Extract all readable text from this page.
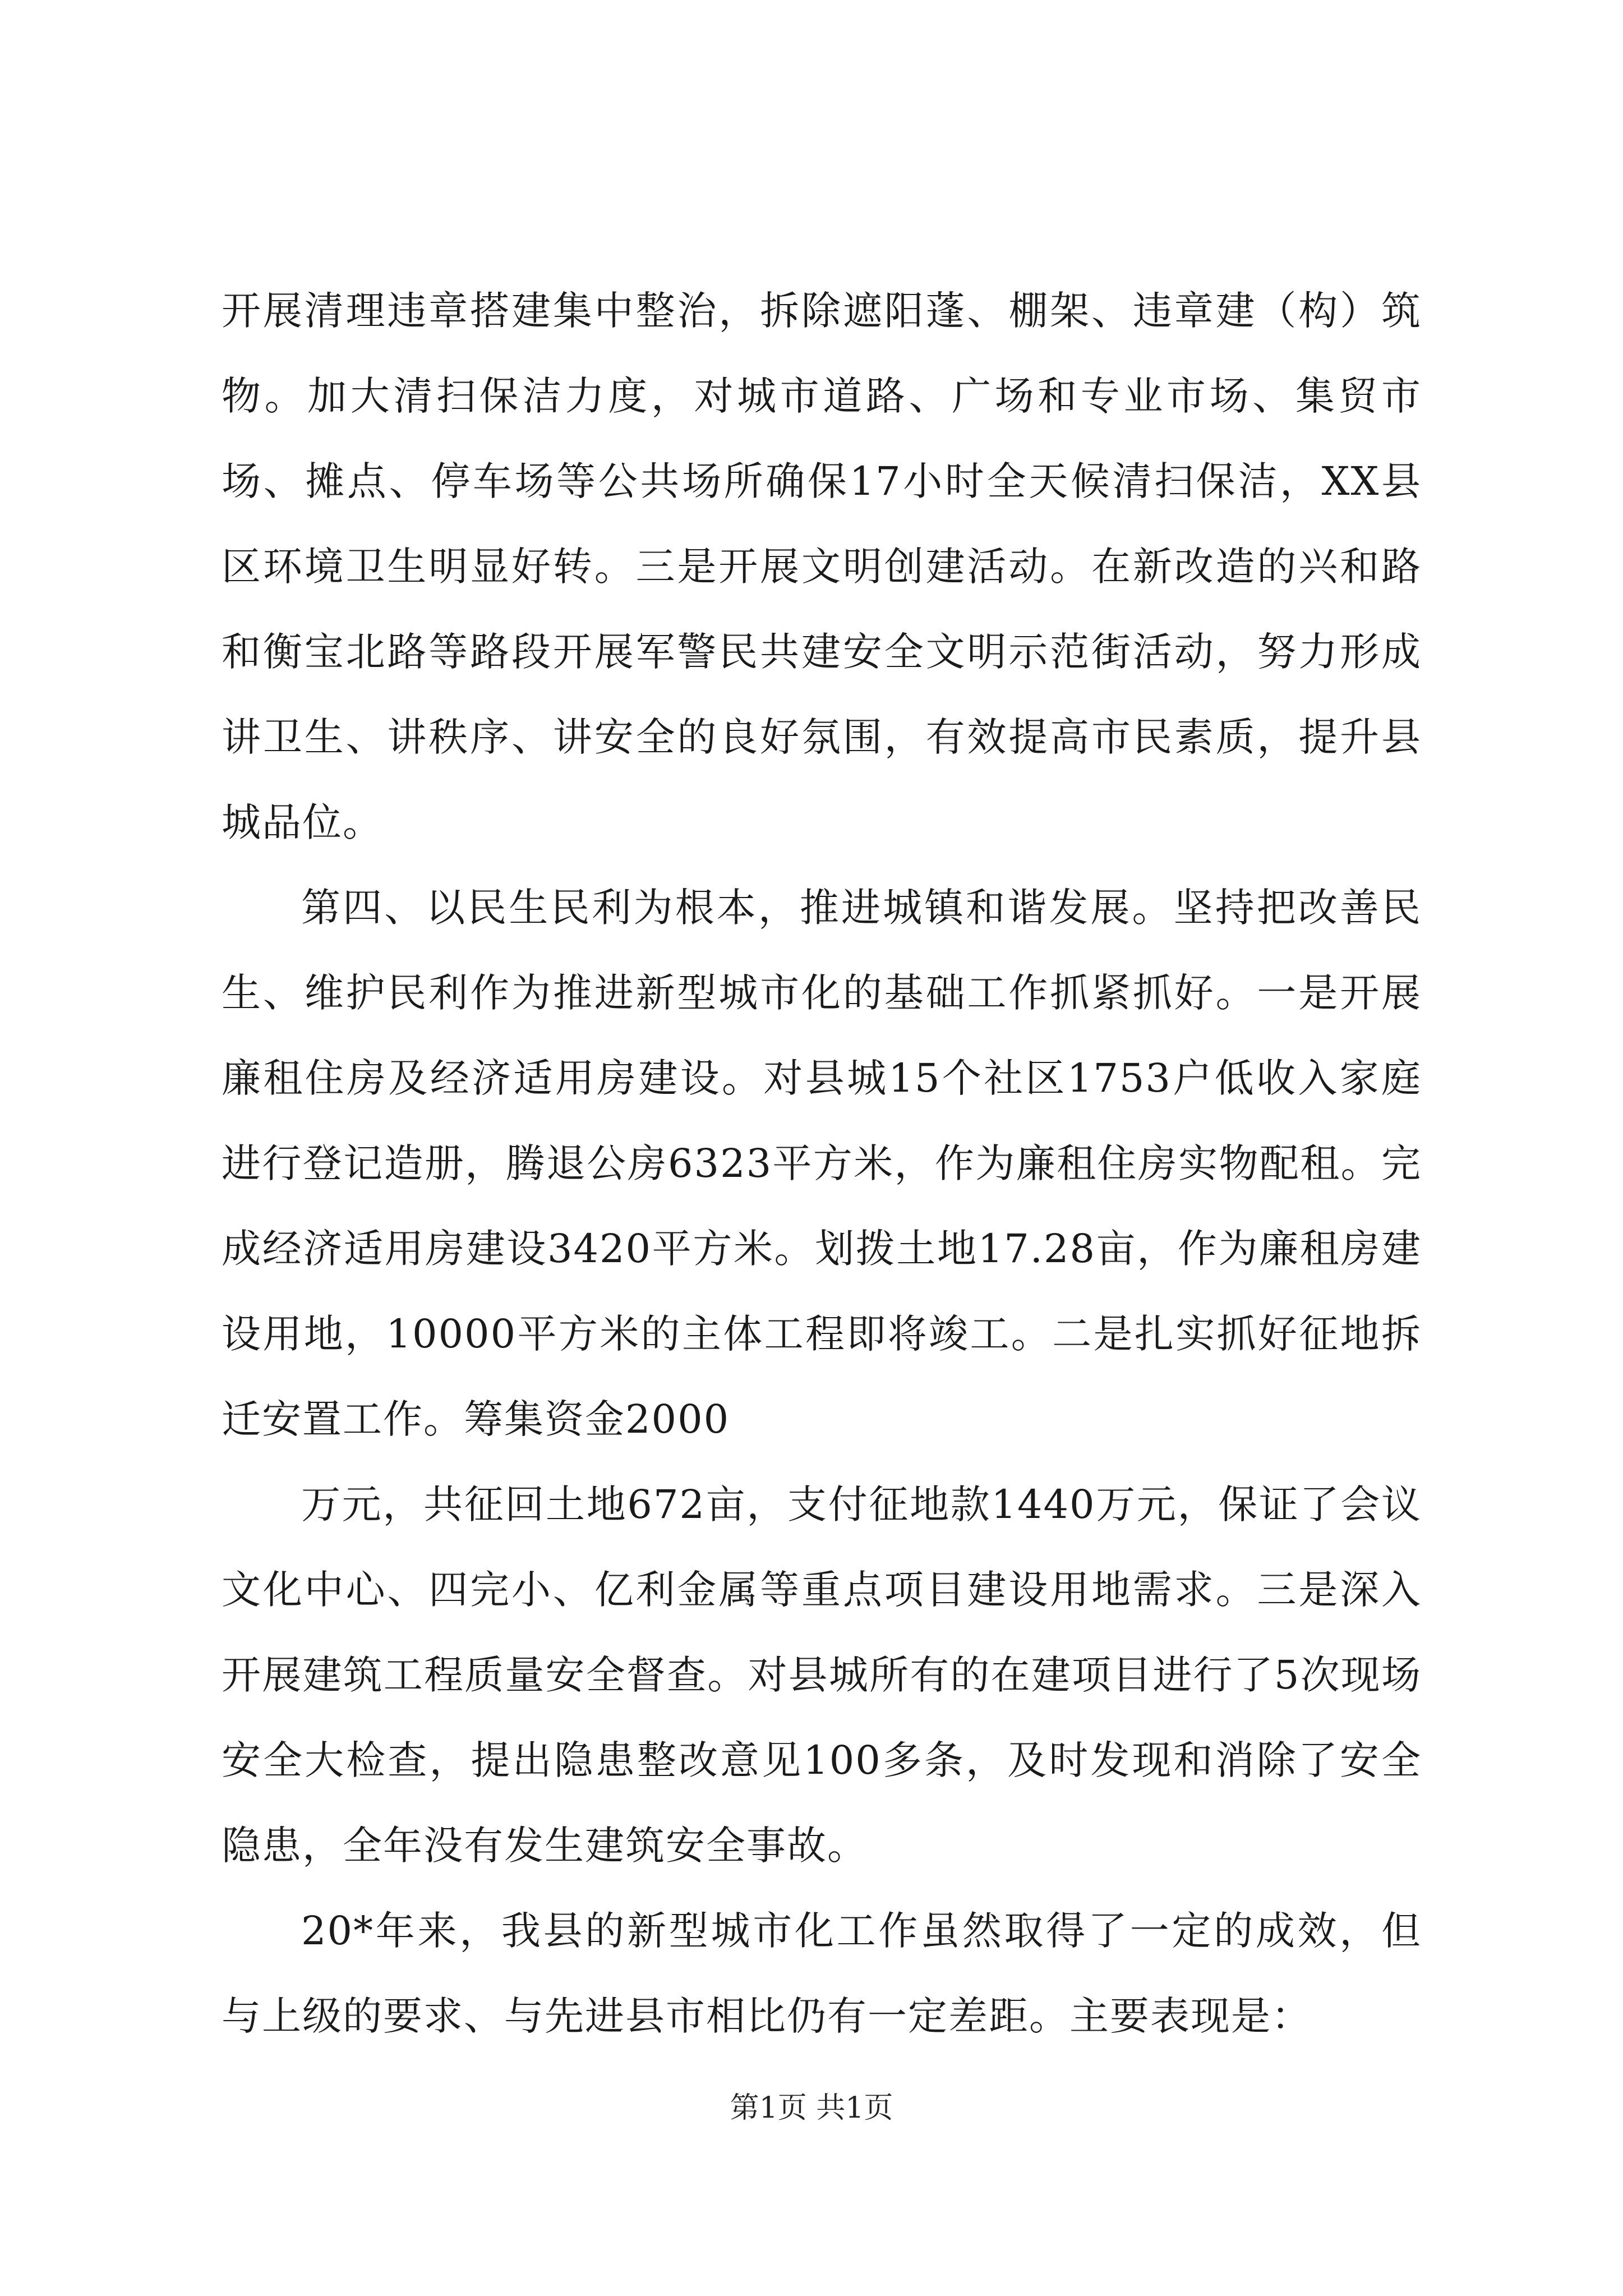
开展清理违章搭建集中整治，拆除遮阳蓬、棚架、违章建（构）筑物。加大清扫保洁力度，对城市道路、广场和专业市场、集贸市场、摊点、停车场等公共场所确保17小时全天候清扫保洁，XX县区环境卫生明显好转。三是开展文明创建活动。在新改造的兴和路和衡宝北路等路段开展军警民共建安全文明示范街活动，努力形成讲卫生、讲秩序、讲安全的良好氛围，有效提高市民素质，提升县城品位。

第四、以民生民利为根本，推进城镇和谐发展。坚持把改善民生、维护民利作为推进新型城市化的基础工作抓紧抓好。一是开展廉租住房及经济适用房建设。对县城15个社区1753户低收入家庭进行登记造册，腾退公房6323平方米，作为廉租住房实物配租。完成经济适用房建设3420平方米。划拨土地17.28亩，作为廉租房建设用地，10000平方米的主体工程即将竣工。二是扎实抓好征地拆迁安置工作。筹集资金2000

万元，共征回土地672亩，支付征地款1440万元，保证了会议文化中心、四完小、亿利金属等重点项目建设用地需求。三是深入开展建筑工程质量安全督查。对县城所有的在建项目进行了5次现场安全大检查，提出隐患整改意见100多条，及时发现和消除了安全隐患，全年没有发生建筑安全事故。

20*年来，我县的新型城市化工作虽然取得了一定的成效，但与上级的要求、与先进县市相比仍有一定差距。主要表现是：

第1页 共1页
